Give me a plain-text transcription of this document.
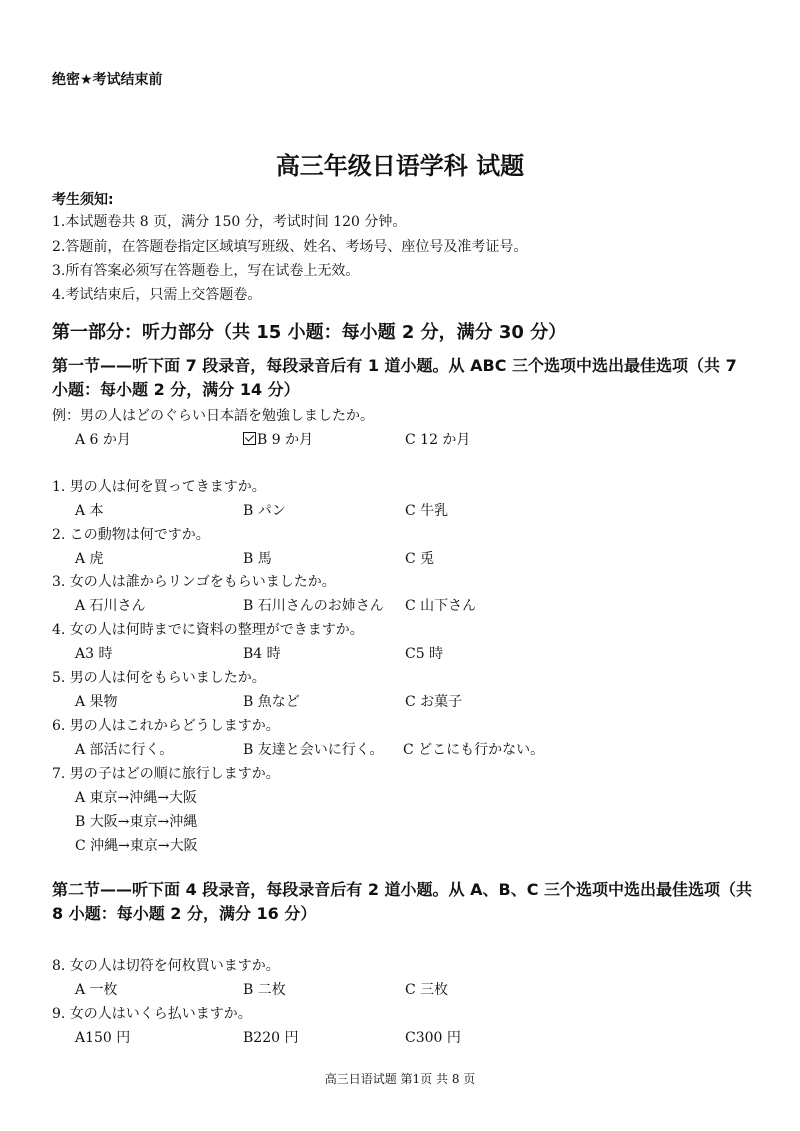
绝密★考试结束前
高三年级日语学科 试题
考生须知:
1.本试题卷共 8 页，满分 150 分，考试时间 120 分钟。
2.答题前，在答题卷指定区域填写班级、姓名、考场号、座位号及准考证号。
3.所有答案必须写在答题卷上，写在试卷上无效。
4.考试结束后，只需上交答题卷。
第一部分：听力部分（共 15 小题：每小题 2 分，满分 30 分）
第一节——听下面 7 段录音，每段录音后有 1 道小题。从 ABC 三个选项中选出最佳选项（共 7 小题：每小题 2 分，满分 14 分）
例：男の人はどのぐらい日本語を勉強しましたか。
A 6 か月	B 9 か月	C 12 か月
1. 男の人は何を買ってきますか。
A 本	B パン	C 牛乳
2. この動物は何ですか。
A 虎	B 馬	C 兎
3. 女の人は誰からリンゴをもらいましたか。
A 石川さん	B 石川さんのお姉さん C 山下さん
4. 女の人は何時までに資料の整理ができますか。
A3 時	B4 時	C5 時
5. 男の人は何をもらいましたか。
A 果物	B 魚など	C お菓子
6. 男の人はこれからどうしますか。
A 部活に行く。	B 友達と会いに行く。 C どこにも行かない。
7. 男の子はどの順に旅行しますか。
A 東京→沖縄→大阪
B 大阪→東京→沖縄
C 沖縄→東京→大阪
第二节——听下面 4 段录音，每段录音后有 2 道小题。从 A、B、C 三个选项中选出最佳选项（共 8 小题：每小题 2 分，满分 16 分）
8. 女の人は切符を何枚買いますか。
A 一枚	B 二枚	C 三枚
9. 女の人はいくら払いますか。
A150 円	B220 円	C300 円
高三日语试题 第1页 共 8 页
